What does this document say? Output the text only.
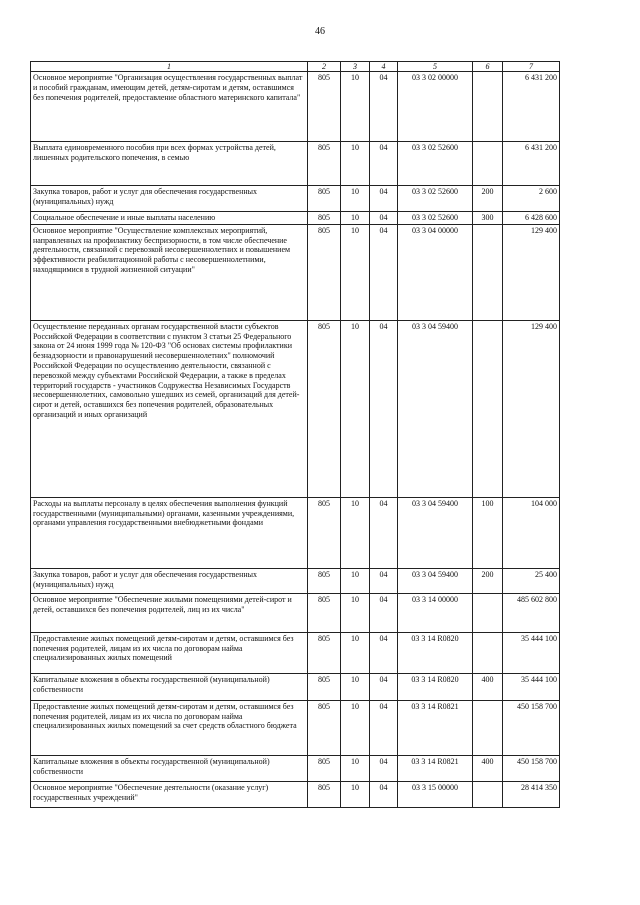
46
1	2	3	4	5	6	7
Основное мероприятие "Организация осуществления государственных выплат и пособий гражданам, имеющим детей, детям-сиротам и детям, оставшимся без попечения родителей, предоставление областного материнского капитала"	805	10	04	03 3 02 00000		6 431 200
Выплата единовременного пособия при всех формах устройства детей, лишенных родительского попечения, в семью	805	10	04	03 3 02 52600		6 431 200
Закупка товаров, работ и услуг для обеспечения государственных (муниципальных) нужд	805	10	04	03 3 02 52600	200	2 600
Социальное обеспечение и иные выплаты населению	805	10	04	03 3 02 52600	300	6 428 600
Основное мероприятие "Осуществление комплексных мероприятий, направленных на профилактику беспризорности, в том числе обеспечение деятельности, связанной с перевозкой несовершеннолетних и повышением эффективности реабилитационной работы с несовершеннолетними, находящимися в трудной жизненной ситуации"	805	10	04	03 3 04 00000		129 400
Осуществление переданных органам государственной власти субъектов Российской Федерации в соответствии с пунктом 3 статьи 25 Федерального закона от 24 июня 1999 года № 120-ФЗ "Об основах системы профилактики безнадзорности и правонарушений несовершеннолетних" полномочий Российской Федерации по осуществлению деятельности, связанной с перевозкой между субъектами Российской Федерации, а также в пределах территорий государств - участников Содружества Независимых Государств несовершеннолетних, самовольно ушедших из семей, организаций для детей-сирот и детей, оставшихся без попечения родителей, образовательных организаций и иных организаций	805	10	04	03 3 04 59400		129 400
Расходы на выплаты персоналу в целях обеспечения выполнения функций государственными (муниципальными) органами, казенными учреждениями, органами управления государственными внебюджетными фондами	805	10	04	03 3 04 59400	100	104 000
Закупка товаров, работ и услуг для обеспечения государственных (муниципальных) нужд	805	10	04	03 3 04 59400	200	25 400
Основное мероприятие "Обеспечение жилыми помещениями детей-сирот и детей, оставшихся без попечения родителей, лиц из их числа"	805	10	04	03 3 14 00000		485 602 800
Предоставление жилых помещений детям-сиротам и детям, оставшимся без попечения родителей, лицам из их числа по договорам найма специализированных жилых помещений	805	10	04	03 3 14 R0820		35 444 100
Капитальные вложения в объекты государственной (муниципальной) собственности	805	10	04	03 3 14 R0820	400	35 444 100
Предоставление жилых помещений детям-сиротам и детям, оставшимся без попечения родителей, лицам из их числа по договорам найма специализированных жилых помещений за счет средств областного бюджета	805	10	04	03 3 14 R0821		450 158 700
Капитальные вложения в объекты государственной (муниципальной) собственности	805	10	04	03 3 14 R0821	400	450 158 700
Основное мероприятие "Обеспечение деятельности (оказание услуг) государственных учреждений"	805	10	04	03 3 15 00000		28 414 350
